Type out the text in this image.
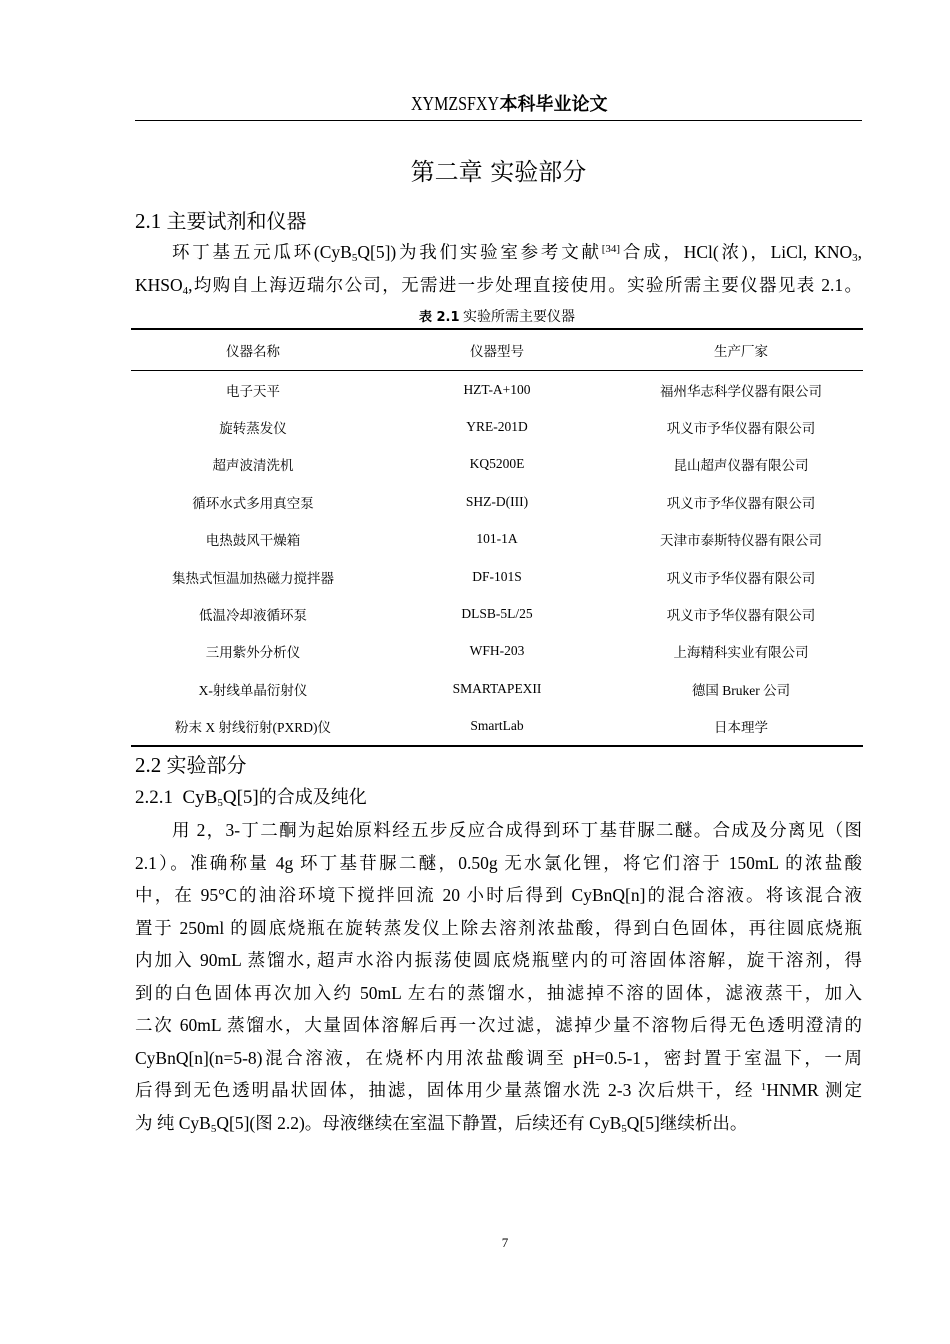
XYMZSFXY本科毕业论文
第二章 实验部分
2.1 主要试剂和仪器
环丁基五元瓜环(CyB$_5$Q[5])为我们实验室参考文献[34]合成，HCl(浓)，LiCl, $KNO_3$,
$KHSO_4$,均购自上海迈瑞尔公司，无需进一步处理直接使用。实验所需主要仪器见表 2.1。
表 2.1 实验所需主要仪器
仪器名称	仪器型号	生产厂家
电子天平	HZT-A+100	福州华志科学仪器有限公司
旋转蒸发仪	YRE-201D	巩义市予华仪器有限公司
超声波清洗机	KQ5200E	昆山超声仪器有限公司
循环水式多用真空泵	SHZ-D(III)	巩义市予华仪器有限公司
电热鼓风干燥箱	101-1A	天津市泰斯特仪器有限公司
集热式恒温加热磁力搅拌器	DF-101S	巩义市予华仪器有限公司
低温冷却液循环泵	DLSB-5L/25	巩义市予华仪器有限公司
三用紫外分析仪	WFH-203	上海精科实业有限公司
X-射线单晶衍射仪	SMARTAPEXII	德国 Bruker 公司
粉末 X 射线衍射(PXRD)仪	SmartLab	日本理学
2.2 实验部分
2.2.1  CyB$_5$Q[5]的合成及纯化
用 2，3-丁二酮为起始原料经五步反应合成得到环丁基苷脲二醚。合成及分离见（图
2.1）。准确称量 4g 环丁基苷脲二醚，0.50g 无水氯化锂，将它们溶于 150mL 的浓盐酸
中，在 95°C的油浴环境下搅拌回流 20 小时后得到 CyBnQ[n]的混合溶液。将该混合液
置于 250ml 的圆底烧瓶在旋转蒸发仪上除去溶剂浓盐酸，得到白色固体，再往圆底烧瓶
内加入 90mL 蒸馏水, 超声水浴内振荡使圆底烧瓶壁内的可溶固体溶解，旋干溶剂，得
到的白色固体再次加入约 50mL 左右的蒸馏水，抽滤掉不溶的固体，滤液蒸干，加入
二次 60mL 蒸馏水，大量固体溶解后再一次过滤，滤掉少量不溶物后得无色透明澄清的
CyBnQ[n](n=5-8)混合溶液，在烧杯内用浓盐酸调至 pH=0.5-1，密封置于室温下，一周
后得到无色透明晶状固体，抽滤，固体用少量蒸馏水洗 2-3 次后烘干，经 $^1$HNMR 测定
为 纯 CyB$_5$Q[5](图 2.2)。母液继续在室温下静置，后续还有 CyB$_5$Q[5]继续析出。
7
